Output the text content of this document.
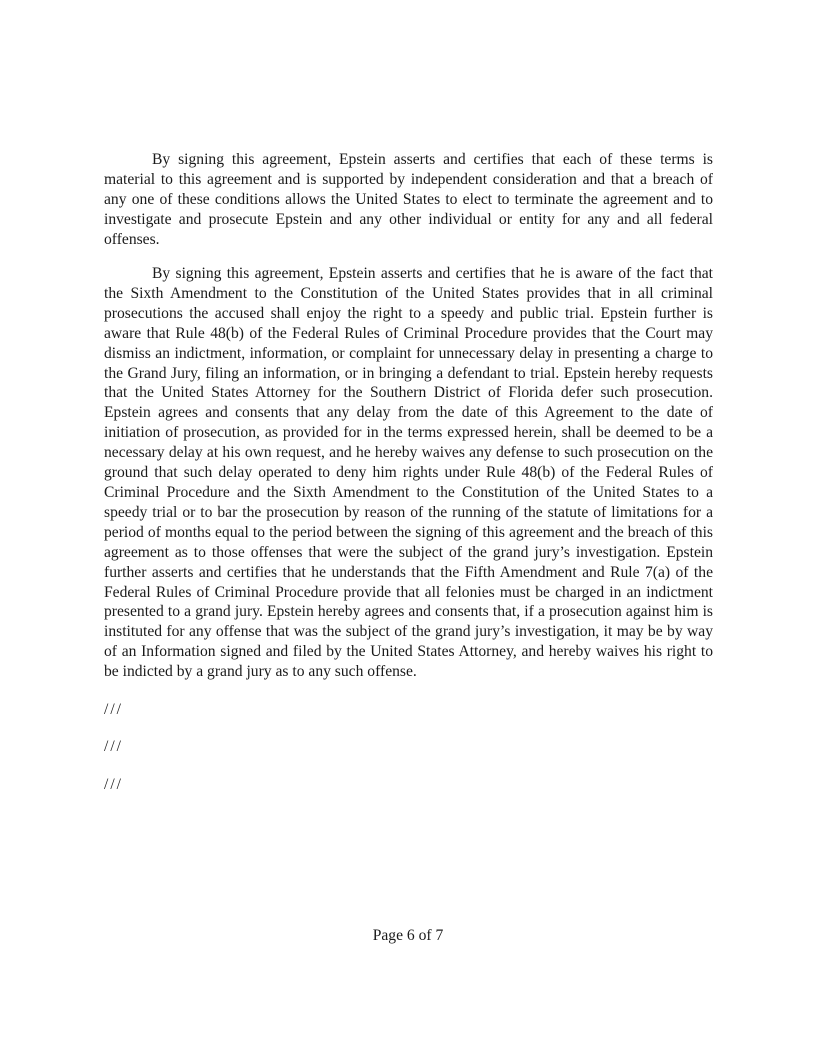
By signing this agreement, Epstein asserts and certifies that each of these terms is material to this agreement and is supported by independent consideration and that a breach of any one of these conditions allows the United States to elect to terminate the agreement and to investigate and prosecute Epstein and any other individual or entity for any and all federal offenses.

By signing this agreement, Epstein asserts and certifies that he is aware of the fact that the Sixth Amendment to the Constitution of the United States provides that in all criminal prosecutions the accused shall enjoy the right to a speedy and public trial. Epstein further is aware that Rule 48(b) of the Federal Rules of Criminal Procedure provides that the Court may dismiss an indictment, information, or complaint for unnecessary delay in presenting a charge to the Grand Jury, filing an information, or in bringing a defendant to trial. Epstein hereby requests that the United States Attorney for the Southern District of Florida defer such prosecution. Epstein agrees and consents that any delay from the date of this Agreement to the date of initiation of prosecution, as provided for in the terms expressed herein, shall be deemed to be a necessary delay at his own request, and he hereby waives any defense to such prosecution on the ground that such delay operated to deny him rights under Rule 48(b) of the Federal Rules of Criminal Procedure and the Sixth Amendment to the Constitution of the United States to a speedy trial or to bar the prosecution by reason of the running of the statute of limitations for a period of months equal to the period between the signing of this agreement and the breach of this agreement as to those offenses that were the subject of the grand jury’s investigation. Epstein further asserts and certifies that he understands that the Fifth Amendment and Rule 7(a) of the Federal Rules of Criminal Procedure provide that all felonies must be charged in an indictment presented to a grand jury. Epstein hereby agrees and consents that, if a prosecution against him is instituted for any offense that was the subject of the grand jury’s investigation, it may be by way of an Information signed and filed by the United States Attorney, and hereby waives his right to be indicted by a grand jury as to any such offense.

///

///

///

Page 6 of 7
